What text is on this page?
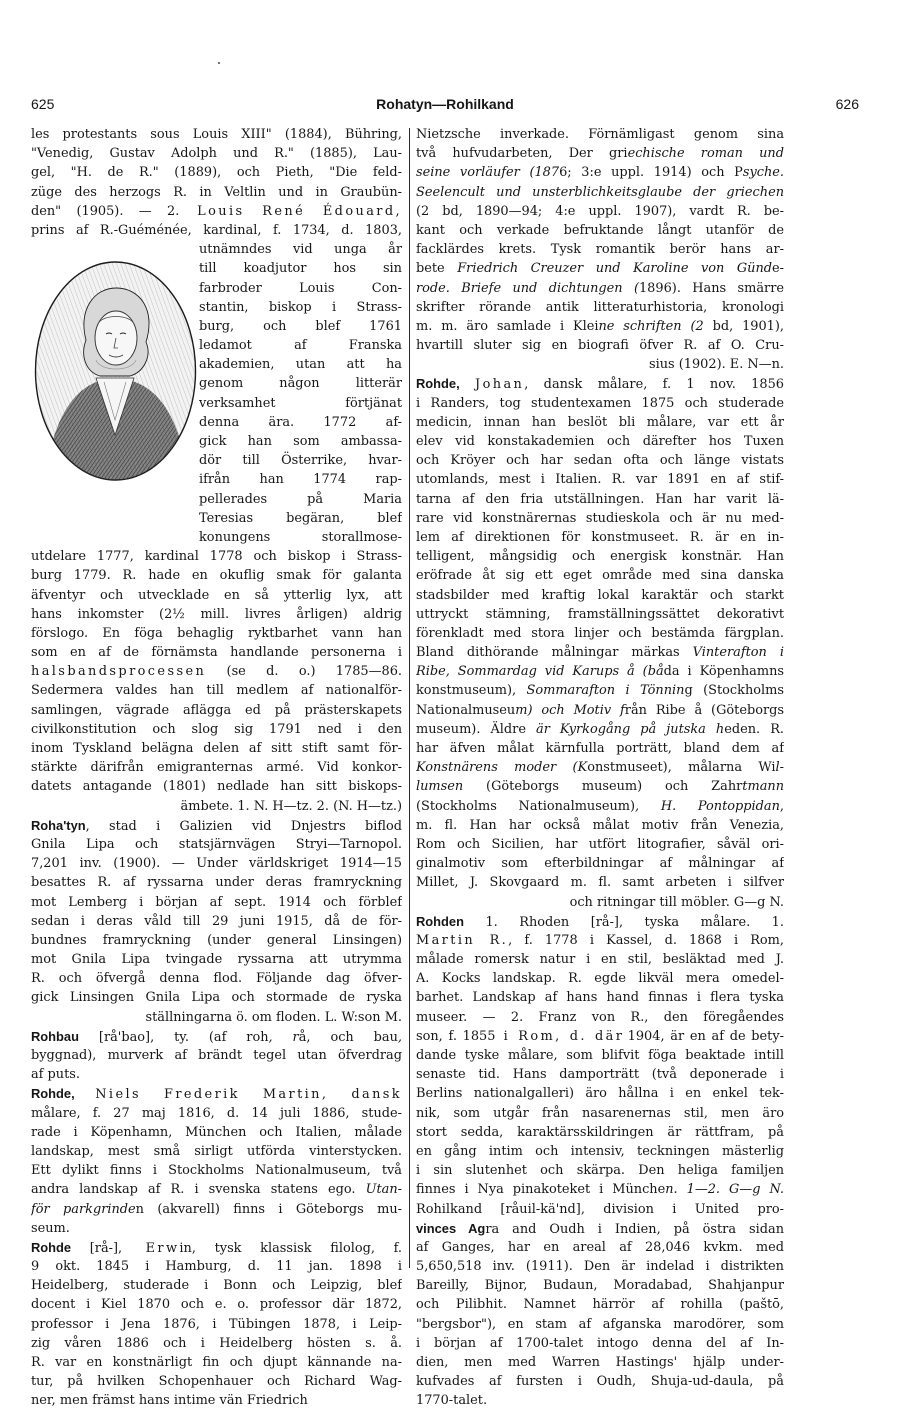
625	Rohatyn—Rohilkand	626
les protestants sous Louis XIII" (1884), Bühring,
"Venedig, Gustav Adolph und R." (1885), Lau-
gel, "H. de R." (1889), och Pieth, "Die feld-
züge des herzogs R. in Veltlin und in Graubün-
den" (1905). — 2. Louis René Édouard,
prins af R.-Guéménée, kardinal, f. 1734, d. 1803,
utnämndes vid unga år
till koadjutor hos sin
farbroder Louis Con-
stantin, biskop i Strass-
burg, och blef 1761
ledamot af Franska
akademien, utan att ha
genom någon litterär
verksamhet förtjänat
denna ära. 1772 af-
gick han som ambassa-
dör till Österrike, hvar-
ifrån han 1774 rap-
pellerades på Maria
Teresias begäran, blef
konungens storallmose-
utdelare 1777, kardinal 1778 och biskop i Strass-
burg 1779. R. hade en okuflig smak för galanta
äfventyr och utvecklade en så ytterlig lyx, att
hans inkomster (2½ mill. livres årligen) aldrig
förslogo. En föga behaglig ryktbarhet vann han
som en af de förnämsta handlande personerna i
halsbandsprocessen (se d. o.) 1785—86.
Sedermera valdes han till medlem af nationalför-
samlingen, vägrade aflägga ed på prästerskapets
civilkonstitution och slog sig 1791 ned i den
inom Tyskland belägna delen af sitt stift samt för-
stärkte därifrån emigranternas armé. Vid konkor-
datets antagande (1801) nedlade han sitt biskops-
ämbete. 1. N. H—tz. 2. (N. H—tz.)
Roha'tyn, stad i Galizien vid Dnjestrs biflod
Gnila Lipa och statsjärnvägen Stryi—Tarnopol.
7,201 inv. (1900). — Under världskriget 1914—15
besattes R. af ryssarna under deras framryckning
mot Lemberg i början af sept. 1914 och förblef
sedan i deras våld till 29 juni 1915, då de för-
bundnes framryckning (under general Linsingen)
mot Gnila Lipa tvingade ryssarna att utrymma
R. och öfvergå denna flod. Följande dag öfver-
gick Linsingen Gnila Lipa och stormade de ryska
ställningarna ö. om floden. L. W:son M.
Rohbau [rå'bao], ty. (af roh, rå, och bau,
byggnad), murverk af brändt tegel utan öfverdrag
af puts.
Rohde, Niels Frederik Martin, dansk
målare, f. 27 maj 1816, d. 14 juli 1886, stude-
rade i Köpenhamn, München och Italien, målade
landskap, mest små sirligt utförda vinterstycken.
Ett dylikt finns i Stockholms Nationalmuseum, två
andra landskap af R. i svenska statens ego. Utan-
för parkgrinden (akvarell) finns i Göteborgs mu-
seum.
Rohde [rå-], Erwin, tysk klassisk filolog, f.
9 okt. 1845 i Hamburg, d. 11 jan. 1898 i
Heidelberg, studerade i Bonn och Leipzig, blef
docent i Kiel 1870 och e. o. professor där 1872,
professor i Jena 1876, i Tübingen 1878, i Leip-
zig våren 1886 och i Heidelberg hösten s. å.
R. var en konstnärligt fin och djupt kännande na-
tur, på hvilken Schopenhauer och Richard Wag-
ner, men främst hans intime vän Friedrich
Nietzsche inverkade. Förnämligast genom sina
två hufvudarbeten, Der griechische roman und
seine vorläufer (1876; 3:e uppl. 1914) och Psyche.
Seelencult und unsterblichkeitsglaube der griechen
(2 bd, 1890—94; 4:e uppl. 1907), vardt R. be-
kant och verkade befruktande långt utanför de
facklärdes krets. Tysk romantik berör hans ar-
bete Friedrich Creuzer und Karoline von Günde-
rode. Briefe und dichtungen (1896). Hans smärre
skrifter rörande antik litteraturhistoria, kronologi
m. m. äro samlade i Kleine schriften (2 bd, 1901),
hvartill sluter sig en biografi öfver R. af O. Cru-
sius (1902). E. N—n.
Rohde, Johan, dansk målare, f. 1 nov. 1856
i Randers, tog studentexamen 1875 och studerade
medicin, innan han beslöt bli målare, var ett år
elev vid konstakademien och därefter hos Tuxen
och Kröyer och har sedan ofta och länge vistats
utomlands, mest i Italien. R. var 1891 en af stif-
tarna af den fria utställningen. Han har varit lä-
rare vid konstnärernas studieskola och är nu med-
lem af direktionen för konstmuseet. R. är en in-
telligent, mångsidig och energisk konstnär. Han
eröfrade åt sig ett eget område med sina danska
stadsbilder med kraftig lokal karaktär och starkt
uttryckt stämning, framställningssättet dekorativt
förenkladt med stora linjer och bestämda färgplan.
Bland dithörande målningar märkas Vinterafton i
Ribe, Sommardag vid Karups å (båda i Köpenhamns
konstmuseum), Sommarafton i Tönning (Stockholms
Nationalmuseum) och Motiv från Ribe å (Göteborgs
museum). Äldre är Kyrkogång på jutska heden. R.
har äfven målat kärnfulla porträtt, bland dem af
Konstnärens moder (Konstmuseet), målarna Wil-
lumsen (Göteborgs museum) och Zahrtmann
(Stockholms Nationalmuseum), H. Pontoppidan,
m. fl. Han har också målat motiv från Venezia,
Rom och Sicilien, har utfört litografier, såväl ori-
ginalmotiv som efterbildningar af målningar af
Millet, J. Skovgaard m. fl. samt arbeten i silfver
och ritningar till möbler. G—g N.
Rohden 1. Rhoden [rå-], tyska målare. 1.
Martin R., f. 1778 i Kassel, d. 1868 i Rom,
målade romersk natur i en stil, besläktad med J.
A. Kocks landskap. R. egde likväl mera omedel-
barhet. Landskap af hans hand finnas i flera tyska
museer. — 2. Franz von R., den föregåendes
son, f. 1855 i Rom, d. där 1904, är en af de bety-
dande tyske målare, som blifvit föga beaktade intill
senaste tid. Hans damporträtt (två deponerade i
Berlins nationalgalleri) äro hållna i en enkel tek-
nik, som utgår från nasarenernas stil, men äro
stort sedda, karaktärsskildringen är rättfram, på
en gång intim och intensiv, teckningen mästerlig
i sin slutenhet och skärpa. Den heliga familjen
finnes i Nya pinakoteket i München. 1—2. G—g N.
Rohilkand [råuil-kä'nd], division i United pro-
vinces Agra and Oudh i Indien, på östra sidan
af Ganges, har en areal af 28,046 kvkm. med
5,650,518 inv. (1911). Den är indelad i distrikten
Bareilly, Bijnor, Budaun, Moradabad, Shahjanpur
och Pilibhit. Namnet härrör af rohilla (paštō,
"bergsbor"), en stam af afganska marodörer, som
i början af 1700-talet intogo denna del af In-
dien, men med Warren Hastings' hjälp under-
kufvades af fursten i Oudh, Shuja-ud-daula, på
1770-talet.
